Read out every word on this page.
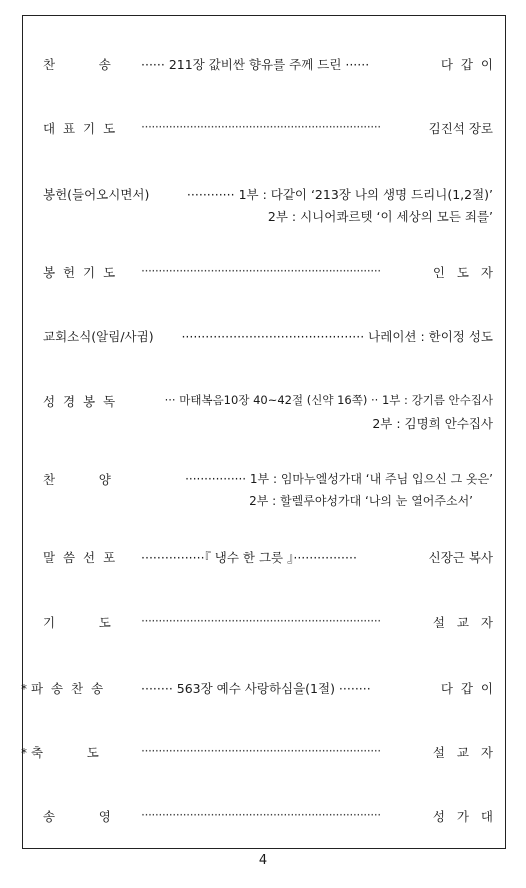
찬           송 ······ 211장 값비싼 향유를 주께 드린 ······	다  갑  이
대  표  기  도 ·····································································	김진석 장로
봉헌(들어오시면서)	············ 1부 : 다같이 ‘213장 나의 생명 드리니(1,2절)’
2부 : 시니어콰르텟 ‘이 세상의 모든 죄를’
봉  헌  기  도 ·····································································	인   도   자
교회소식(알림/사귐) ·············································· 나레이션 : 한이정 성도
성  경  봉  독	··· 마태복음10장 40~42절 (신약 16쪽) ·· 1부 : 강기름 안수집사
2부 : 김명희 안수집사
찬           양	················ 1부 : 임마누엘성가대 ‘내 주님 입으신 그 옷은’
2부 : 할렐루야성가대 ‘나의 눈 열어주소서’
말  씀  선  포 ················『 냉수 한 그릇 』················	신장근 복사
기           도 ·····································································	설   교   자
* 파  송  찬  송	········ 563장 예수 사랑하심을(1절) ········	다  갑  이
* 축           도	·····································································	설   교   자
송           영 ·····································································	성   가   대
4
